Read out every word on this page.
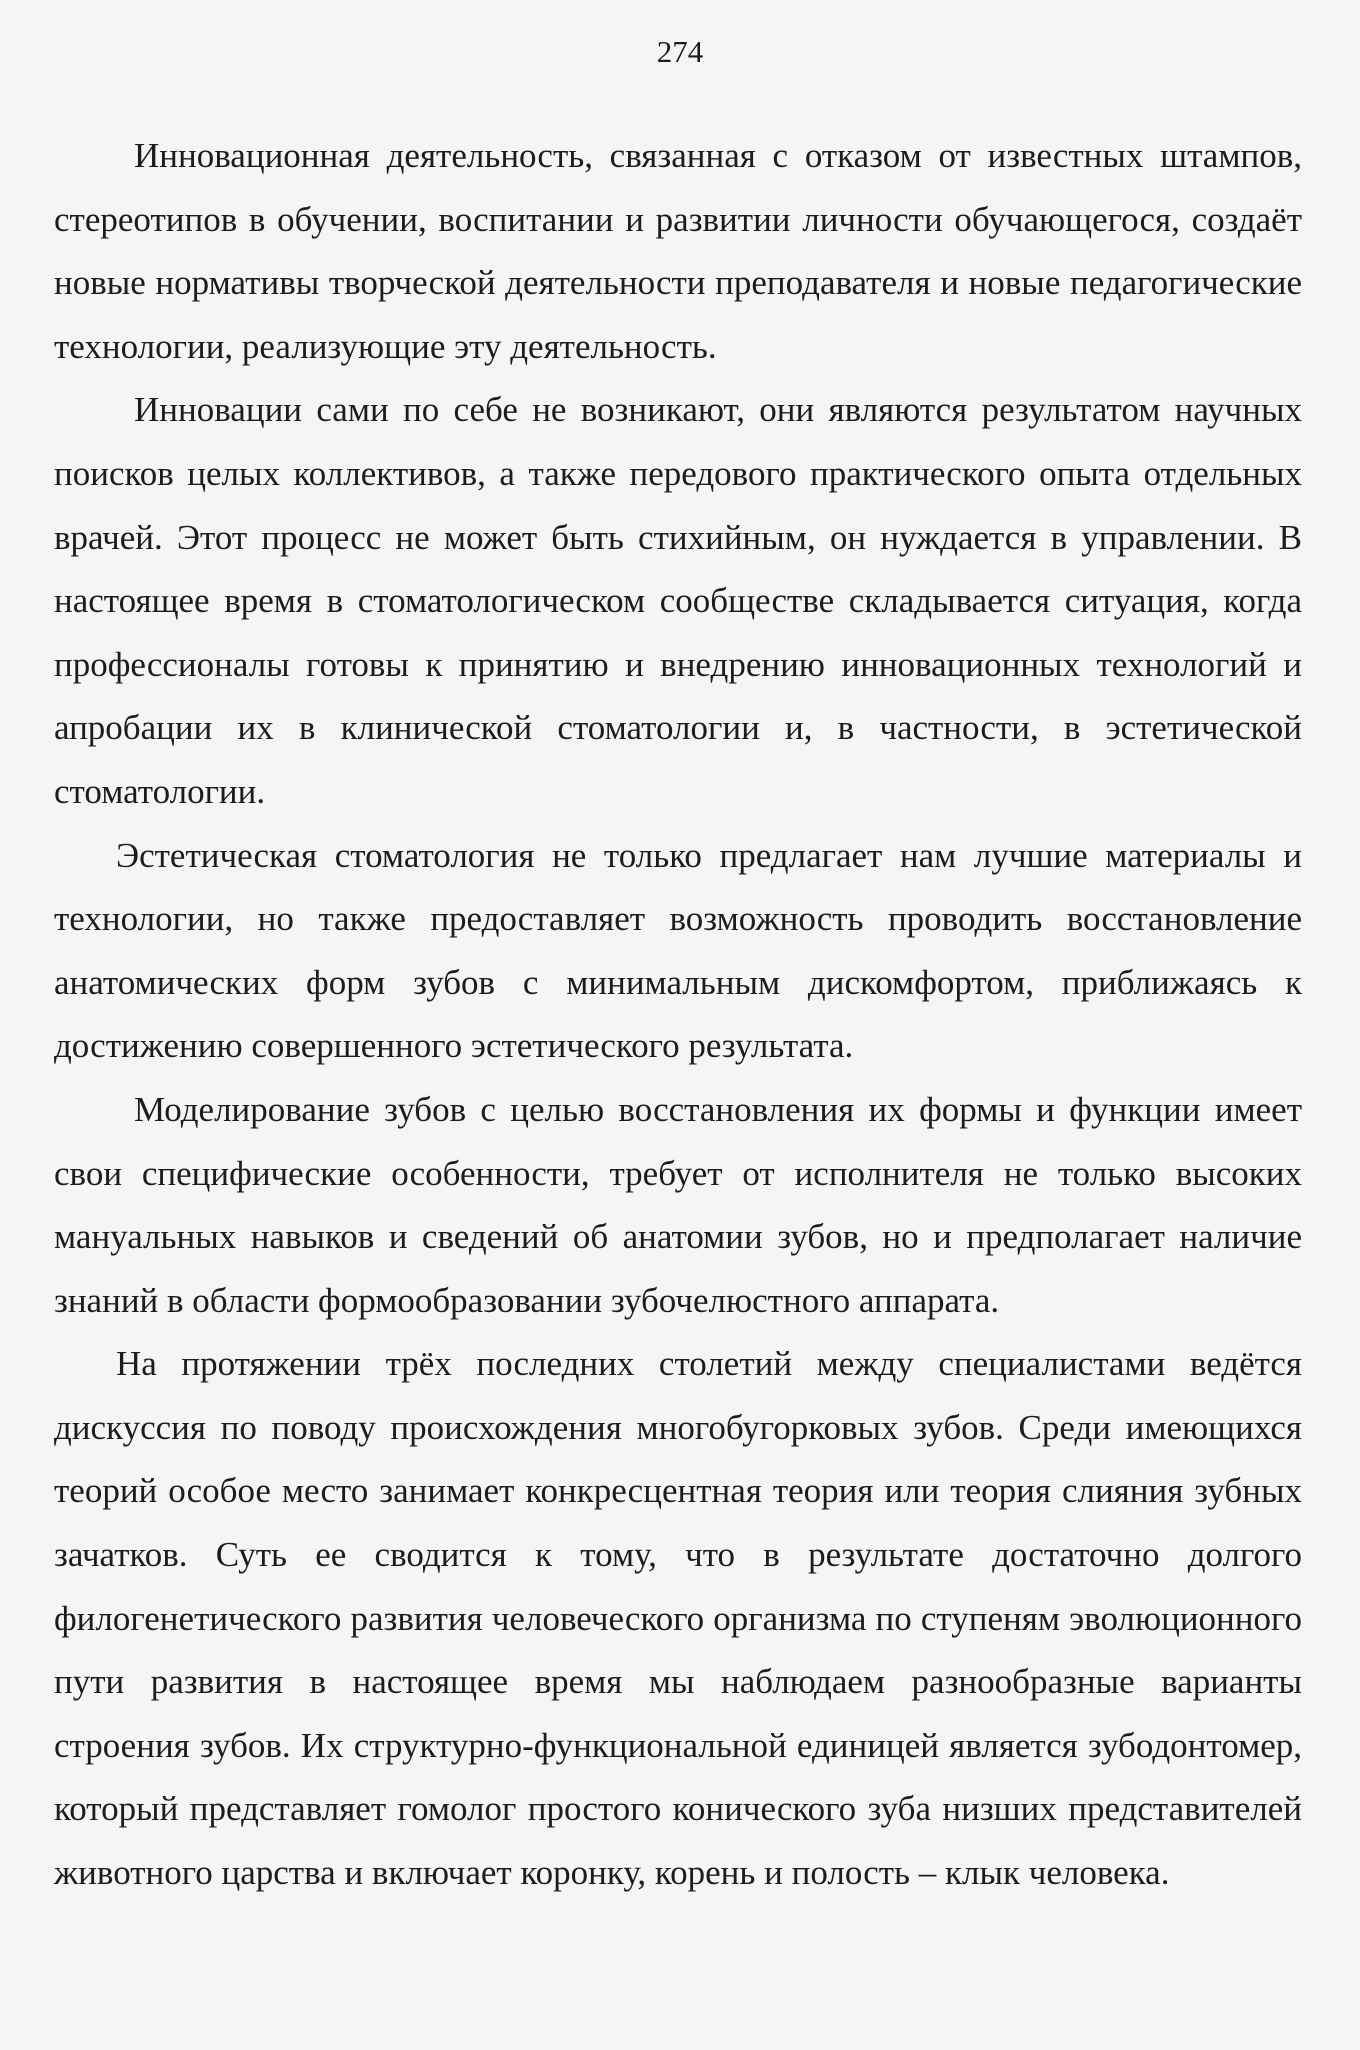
274

Инновационная деятельность, связанная с отказом от известных штампов, стереотипов в обучении, воспитании и развитии личности обучающегося, создаёт новые нормативы творческой деятельности преподавателя и новые педагогические технологии, реализующие эту деятельность.

Инновации сами по себе не возникают, они являются результатом научных поисков целых коллективов, а также передового практического опыта отдельных врачей. Этот процесс не может быть стихийным, он нуждается в управлении. В настоящее время в стоматологическом сообществе складывается ситуация, когда профессионалы готовы к принятию и внедрению инновационных технологий и апробации их в клинической стоматологии и, в частности, в эстетической стоматологии.

Эстетическая стоматология не только предлагает нам лучшие материалы и технологии, но также предоставляет возможность проводить восстановление анатомических форм зубов с минимальным дискомфортом, приближаясь к достижению совершенного эстетического результата.

Моделирование зубов с целью восстановления их формы и функции имеет свои специфические особенности, требует от исполнителя не только высоких мануальных навыков и сведений об анатомии зубов, но и предполагает наличие знаний в области формообразовании зубочелюстного аппарата.

На протяжении трёх последних столетий между специалистами ведётся дискуссия по поводу происхождения многобугорковых зубов. Среди имеющихся теорий особое место занимает конкресцентная теория или теория слияния зубных зачатков. Суть ее сводится к тому, что в результате достаточно долгого филогенетического развития человеческого организма по ступеням эволюционного пути развития в настоящее время мы наблюдаем разнообразные варианты строения зубов. Их структурно-функциональной единицей является зубодонтомер, который представляет гомолог простого конического зуба низших представителей животного царства и включает коронку, корень и полость – клык человека.
